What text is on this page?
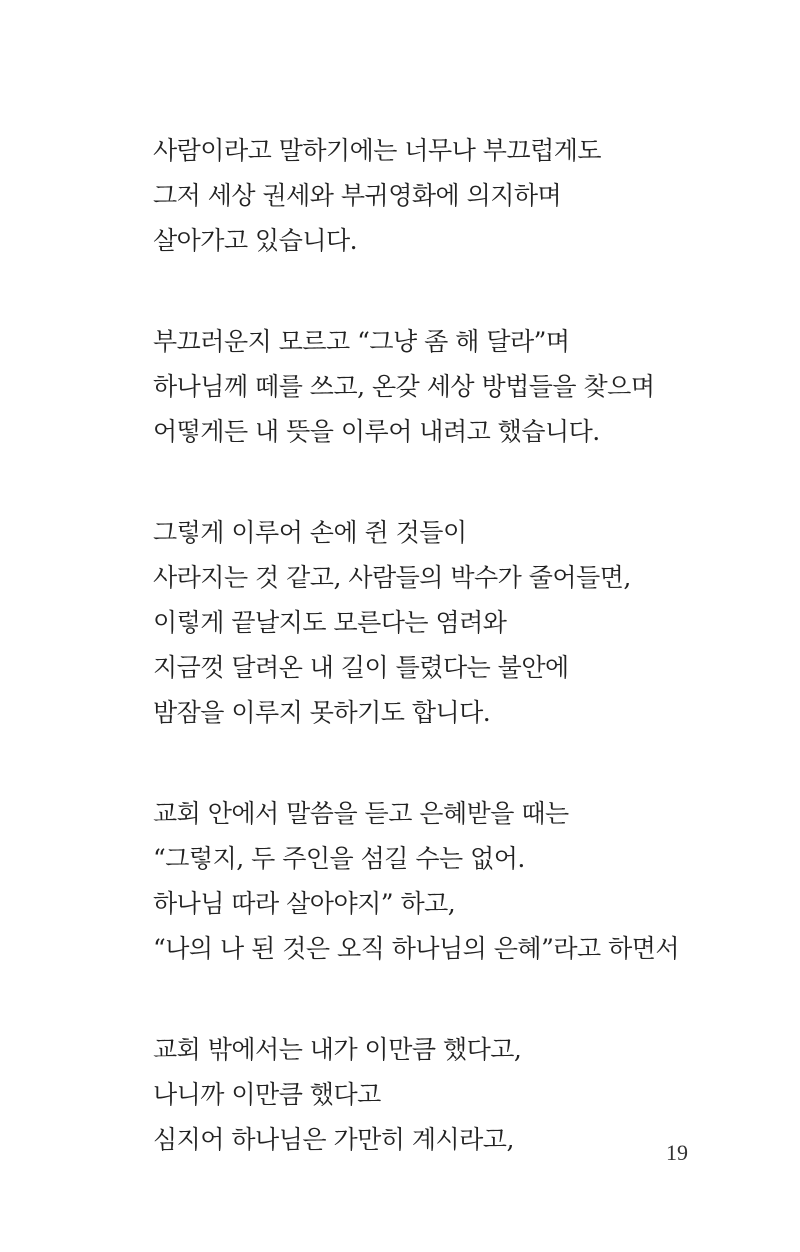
사람이라고 말하기에는 너무나 부끄럽게도
그저 세상 권세와 부귀영화에 의지하며
살아가고 있습니다.
부끄러운지 모르고 “그냥 좀 해 달라”며
하나님께 떼를 쓰고, 온갖 세상 방법들을 찾으며
어떻게든 내 뜻을 이루어 내려고 했습니다.
그렇게 이루어 손에 쥔 것들이
사라지는 것 같고, 사람들의 박수가 줄어들면,
이렇게 끝날지도 모른다는 염려와
지금껏 달려온 내 길이 틀렸다는 불안에
밤잠을 이루지 못하기도 합니다.
교회 안에서 말씀을 듣고 은혜받을 때는
“그렇지, 두 주인을 섬길 수는 없어.
하나님 따라 살아야지” 하고,
“나의 나 된 것은 오직 하나님의 은혜”라고 하면서
교회 밖에서는 내가 이만큼 했다고,
나니까 이만큼 했다고
심지어 하나님은 가만히 계시라고,	19
